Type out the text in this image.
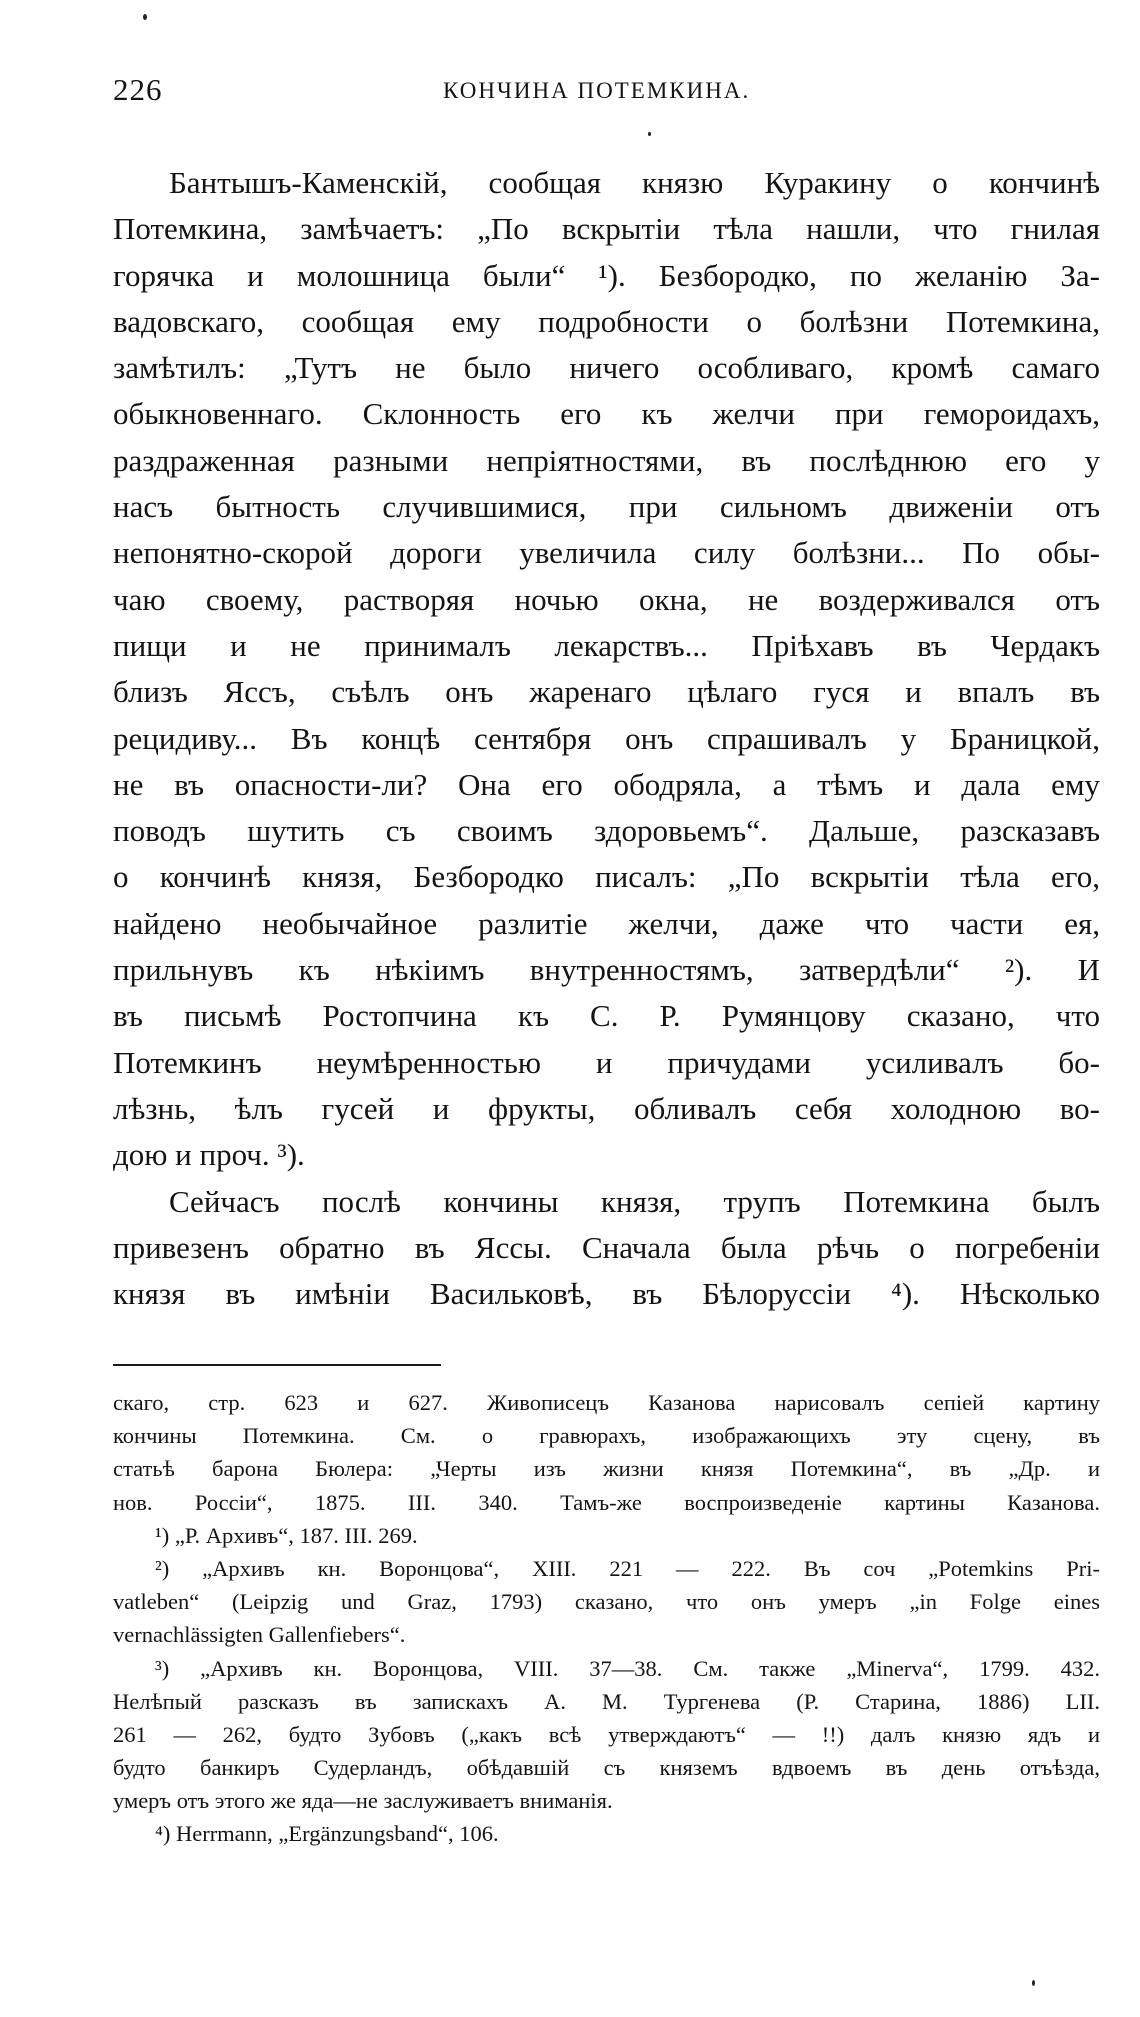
226	КОНЧИНА ПОТЕМКИНА.
Бантышъ-Каменскій, сообщая князю Куракину о кончинѣ
Потемкина, замѣчаетъ: „По вскрытіи тѣла нашли, что гнилая
горячка и молошница были“ ¹). Безбородко, по желанію За-
вадовскаго, сообщая ему подробности о болѣзни Потемкина,
замѣтилъ: „Тутъ не было ничего особливаго, кромѣ самаго
обыкновеннаго. Склонность его къ желчи при гемороидахъ,
раздраженная разными непріятностями, въ послѣднюю его у
насъ бытность случившимися, при сильномъ движеніи отъ
непонятно-скорой дороги увеличила силу болѣзни... По обы-
чаю своему, растворяя ночью окна, не воздерживался отъ
пищи и не принималъ лекарствъ... Пріѣхавъ въ Чердакъ
близъ Яссъ, съѣлъ онъ жаренаго цѣлаго гуся и впалъ въ
рецидиву... Въ концѣ сентября онъ спрашивалъ у Браницкой,
не въ опасности-ли? Она его ободряла, а тѣмъ и дала ему
поводъ шутить съ своимъ здоровьемъ“. Дальше, разсказавъ
о кончинѣ князя, Безбородко писалъ: „По вскрытіи тѣла его,
найдено необычайное разлитіе желчи, даже что части ея,
прильнувъ къ нѣкіимъ внутренностямъ, затвердѣли“ ²). И
въ письмѣ Ростопчина къ С. Р. Румянцову сказано, что
Потемкинъ неумѣренностью и причудами усиливалъ бо-
лѣзнь, ѣлъ гусей и фрукты, обливалъ себя холодною во-
дою и проч. ³).
Сейчасъ послѣ кончины князя, трупъ Потемкина былъ
привезенъ обратно въ Яссы. Сначала была рѣчь о погребеніи
князя въ имѣніи Васильковѣ, въ Бѣлоруссіи ⁴). Нѣсколько
скаго, стр. 623 и 627. Живописецъ Казанова нарисовалъ сепіей картину
кончины Потемкина. См. о гравюрахъ, изображающихъ эту сцену, въ
статьѣ барона Бюлера: „Черты изъ жизни князя Потемкина“, въ „Др. и
нов. Россіи“, 1875. III. 340. Тамъ-же воспроизведеніе картины Казанова.
¹) „Р. Архивъ“, 187. III. 269.
²) „Архивъ кн. Воронцова“, XIII. 221 — 222. Въ соч „Potemkins Pri-
vatleben“ (Leipzig und Graz, 1793) сказано, что онъ умеръ „in Folge eines
vernachlässigten Gallenfiebers“.
³) „Архивъ кн. Воронцова, VIII. 37—38. См. также „Minerva“, 1799. 432.
Нелѣпый разсказъ въ запискахъ А. М. Тургенева (Р. Старина, 1886) LII.
261 — 262, будто Зубовъ („какъ всѣ утверждаютъ“ — !!) далъ князю ядъ и
будто банкиръ Судерландъ, обѣдавшій съ княземъ вдвоемъ въ день отъѣзда,
умеръ отъ этого же яда—не заслуживаетъ вниманія.
⁴) Herrmann, „Ergänzungsband“, 106.
